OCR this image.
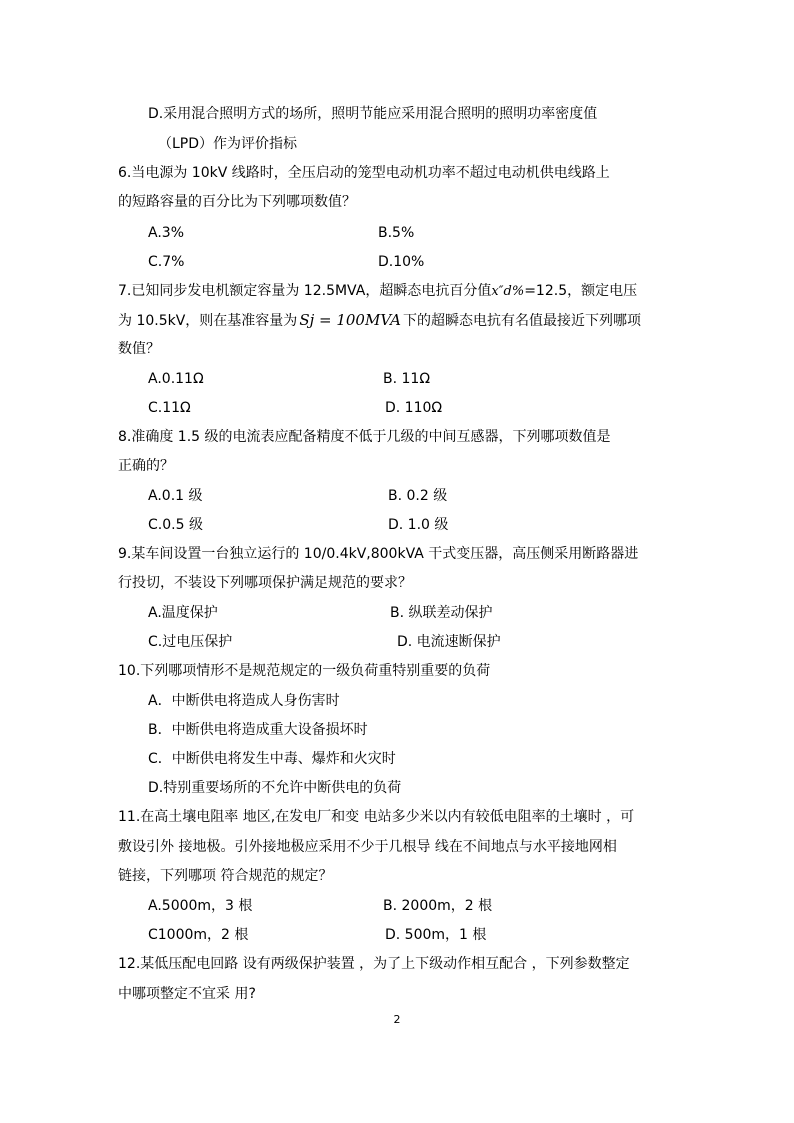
D.采用混合照明方式的场所，照明节能应采用混合照明的照明功率密度值
（LPD）作为评价指标
6.当电源为 10kV 线路时，全压启动的笼型电动机功率不超过电动机供电线路上
的短路容量的百分比为下列哪项数值？
A.3%	B.5%
C.7%	D.10%
7.已知同步发电机额定容量为 12.5MVA，超瞬态电抗百分值x″d%=12.5，额定电压
为 10.5kV，则在基准容量为 Sj = 100MVA 下的超瞬态电抗有名值最接近下列哪项
数值？
A.0.11Ω	B. 11Ω
C.11Ω	D. 110Ω
8.准确度 1.5 级的电流表应配备精度不低于几级的中间互感器，下列哪项数值是
正确的？
A.0.1 级	B. 0.2 级
C.0.5 级	D. 1.0 级
9.某车间设置一台独立运行的 10/0.4kV,800kVA 干式变压器，高压侧采用断路器进
行投切，不装设下列哪项保护满足规范的要求？
A.温度保护	B. 纵联差动保护
C.过电压保护	D. 电流速断保护
10.下列哪项情形不是规范规定的一级负荷重特别重要的负荷
A．中断供电将造成人身伤害时
B．中断供电将造成重大设备损坏时
C．中断供电将发生中毒、爆炸和火灾时
D.特别重要场所的不允许中断供电的负荷
11.在高土壤电阻率 地区,在发电厂和变 电站多少米以内有较低电阻率的土壤时 ，可
敷设引外 接地极。引外接地极应采用不少于几根导 线在不间地点与水平接地网相
链接，下列哪项 符合规范的规定？
A.5000m，3 根	B. 2000m，2 根
C1000m，2 根	D. 500m，1 根
12.某低压配电回路 设有两级保护装置 ，为了上下级动作相互配合 ，下列参数整定
中哪项整定不宜采 用?
2
